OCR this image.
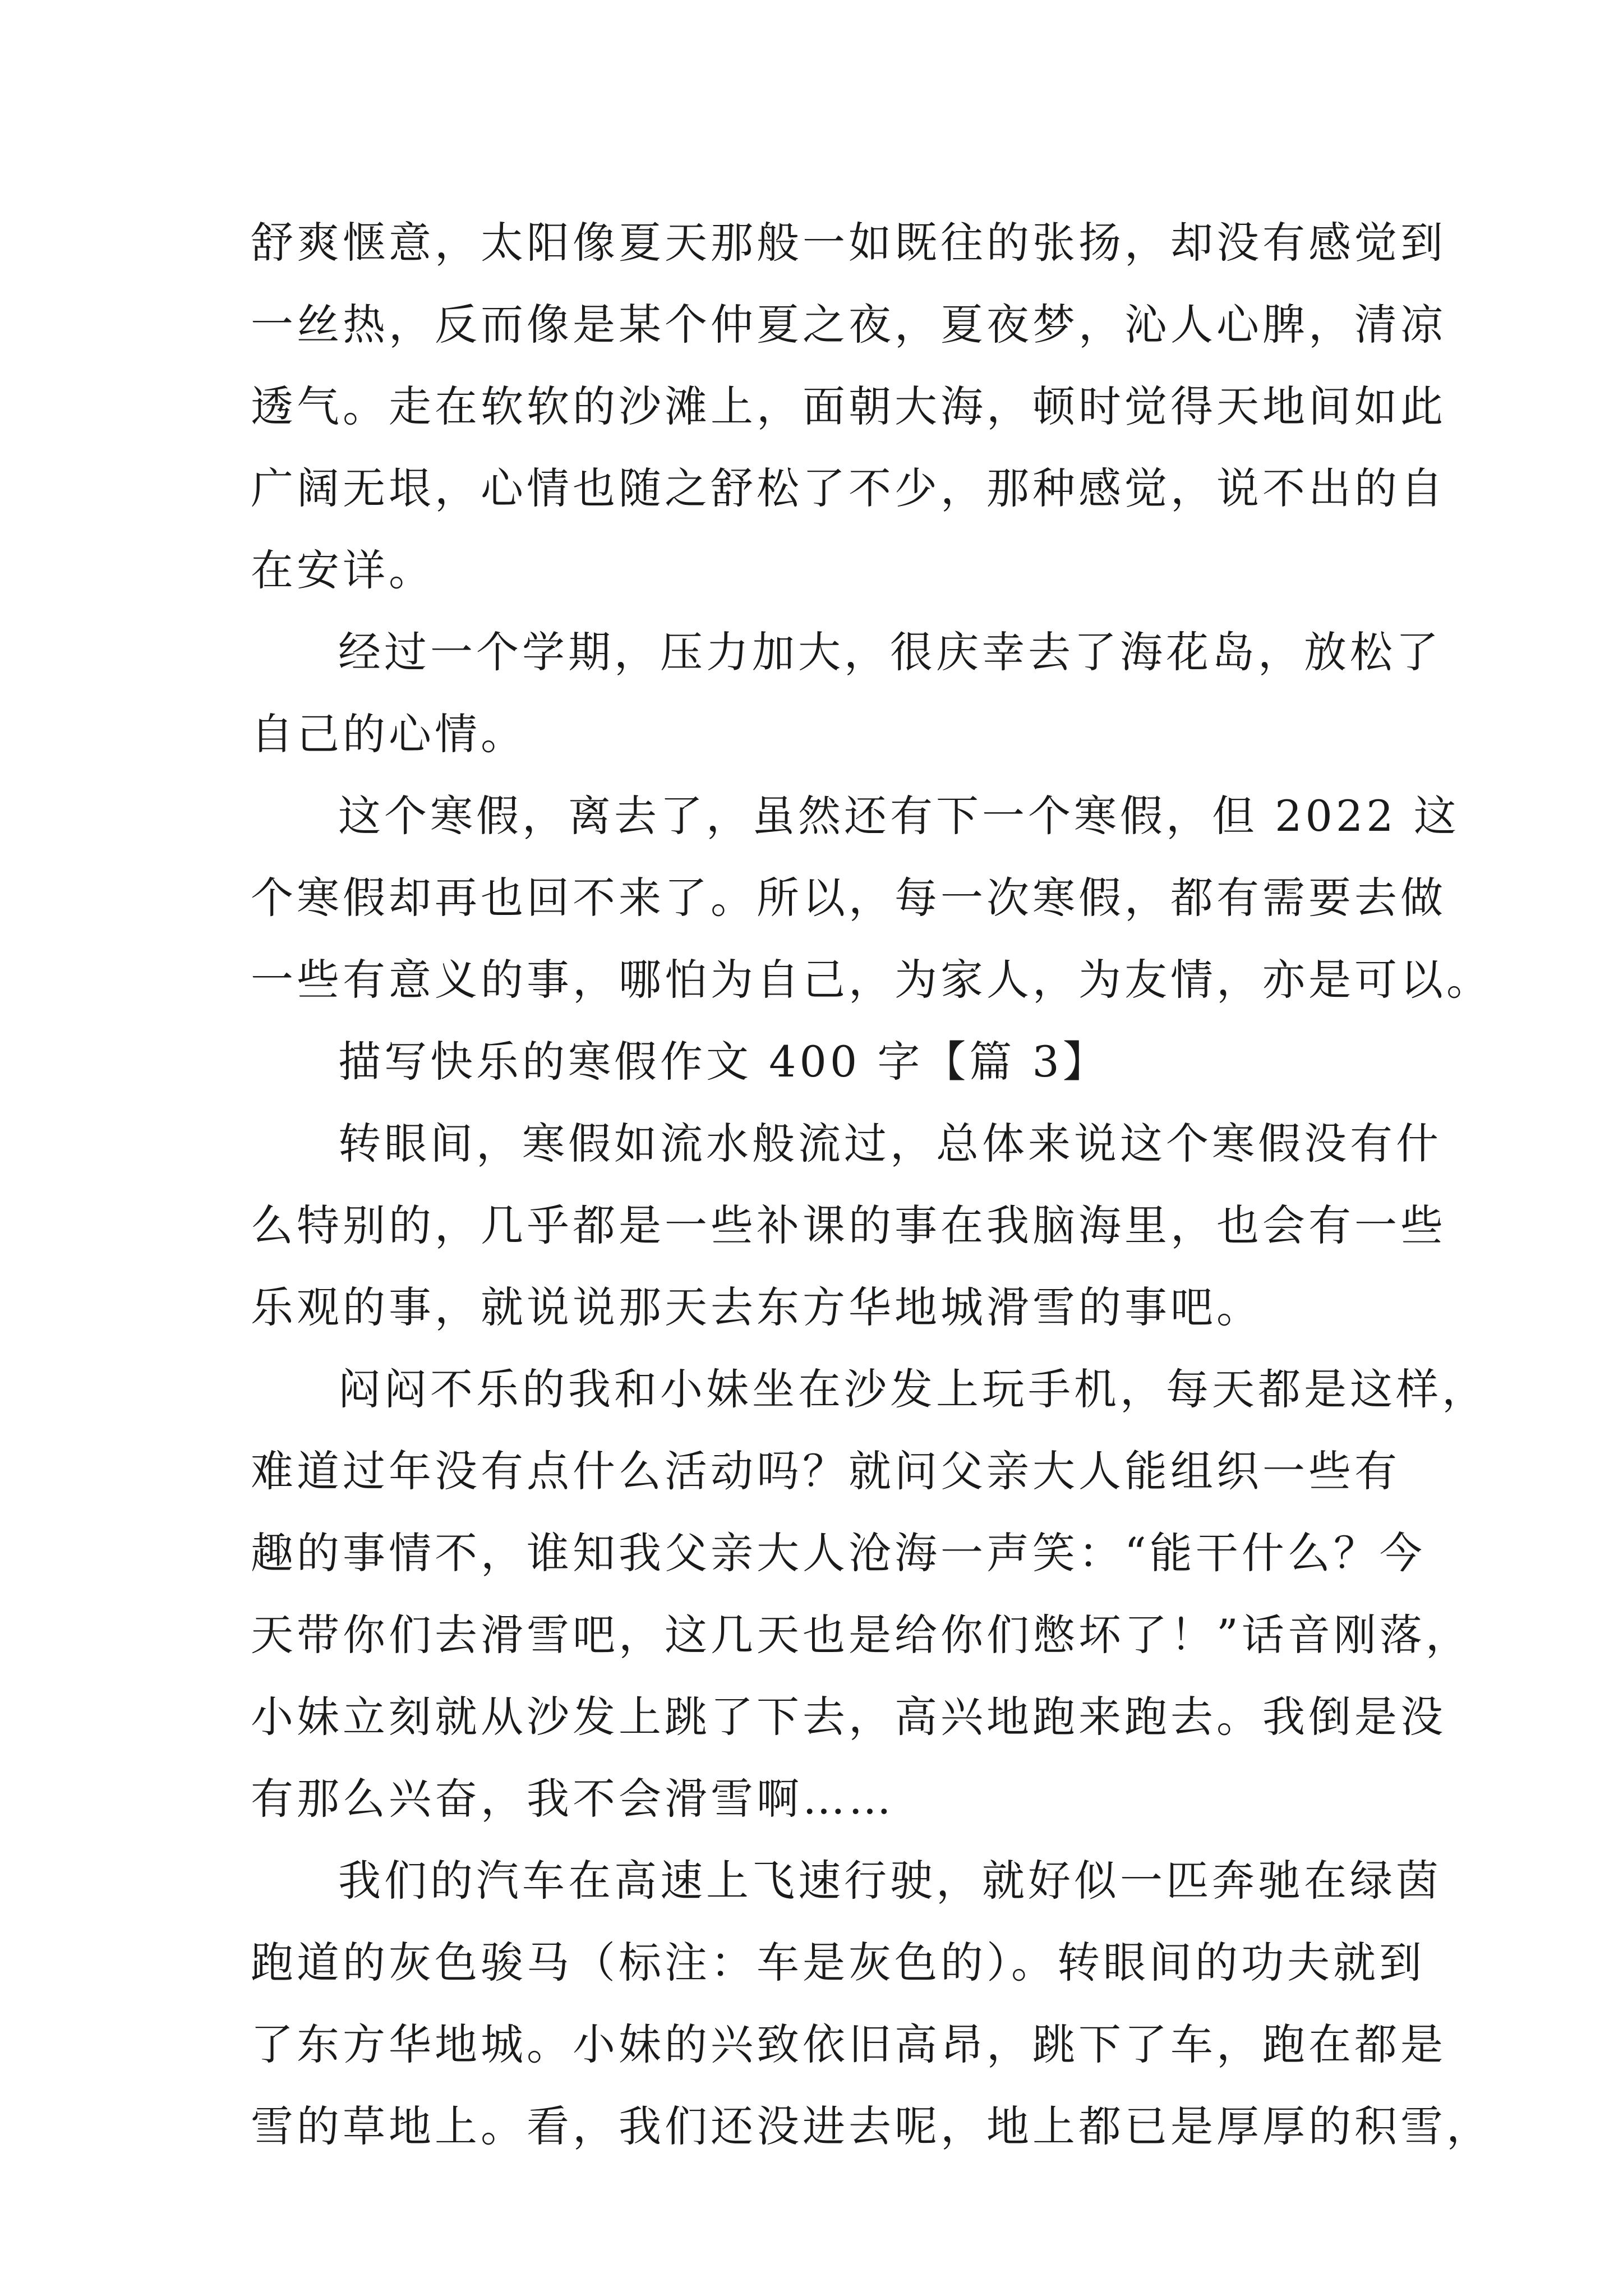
舒爽惬意，太阳像夏天那般一如既往的张扬，却没有感觉到
一丝热，反而像是某个仲夏之夜，夏夜梦，沁人心脾，清凉
透气。走在软软的沙滩上，面朝大海，顿时觉得天地间如此
广阔无垠，心情也随之舒松了不少，那种感觉，说不出的自
在安详。
经过一个学期，压力加大，很庆幸去了海花岛，放松了
自己的心情。
这个寒假，离去了，虽然还有下一个寒假，但 2022 这
个寒假却再也回不来了。所以，每一次寒假，都有需要去做
一些有意义的事，哪怕为自己，为家人，为友情，亦是可以。
描写快乐的寒假作文 400 字【篇 3】
转眼间，寒假如流水般流过，总体来说这个寒假没有什
么特别的，几乎都是一些补课的事在我脑海里，也会有一些
乐观的事，就说说那天去东方华地城滑雪的事吧。
闷闷不乐的我和小妹坐在沙发上玩手机，每天都是这样，
难道过年没有点什么活动吗？就问父亲大人能组织一些有
趣的事情不，谁知我父亲大人沧海一声笑：“能干什么？今
天带你们去滑雪吧，这几天也是给你们憋坏了！”话音刚落，
小妹立刻就从沙发上跳了下去，高兴地跑来跑去。我倒是没
有那么兴奋，我不会滑雪啊……
我们的汽车在高速上飞速行驶，就好似一匹奔驰在绿茵
跑道的灰色骏马（标注：车是灰色的）。转眼间的功夫就到
了东方华地城。小妹的兴致依旧高昂，跳下了车，跑在都是
雪的草地上。看，我们还没进去呢，地上都已是厚厚的积雪，
